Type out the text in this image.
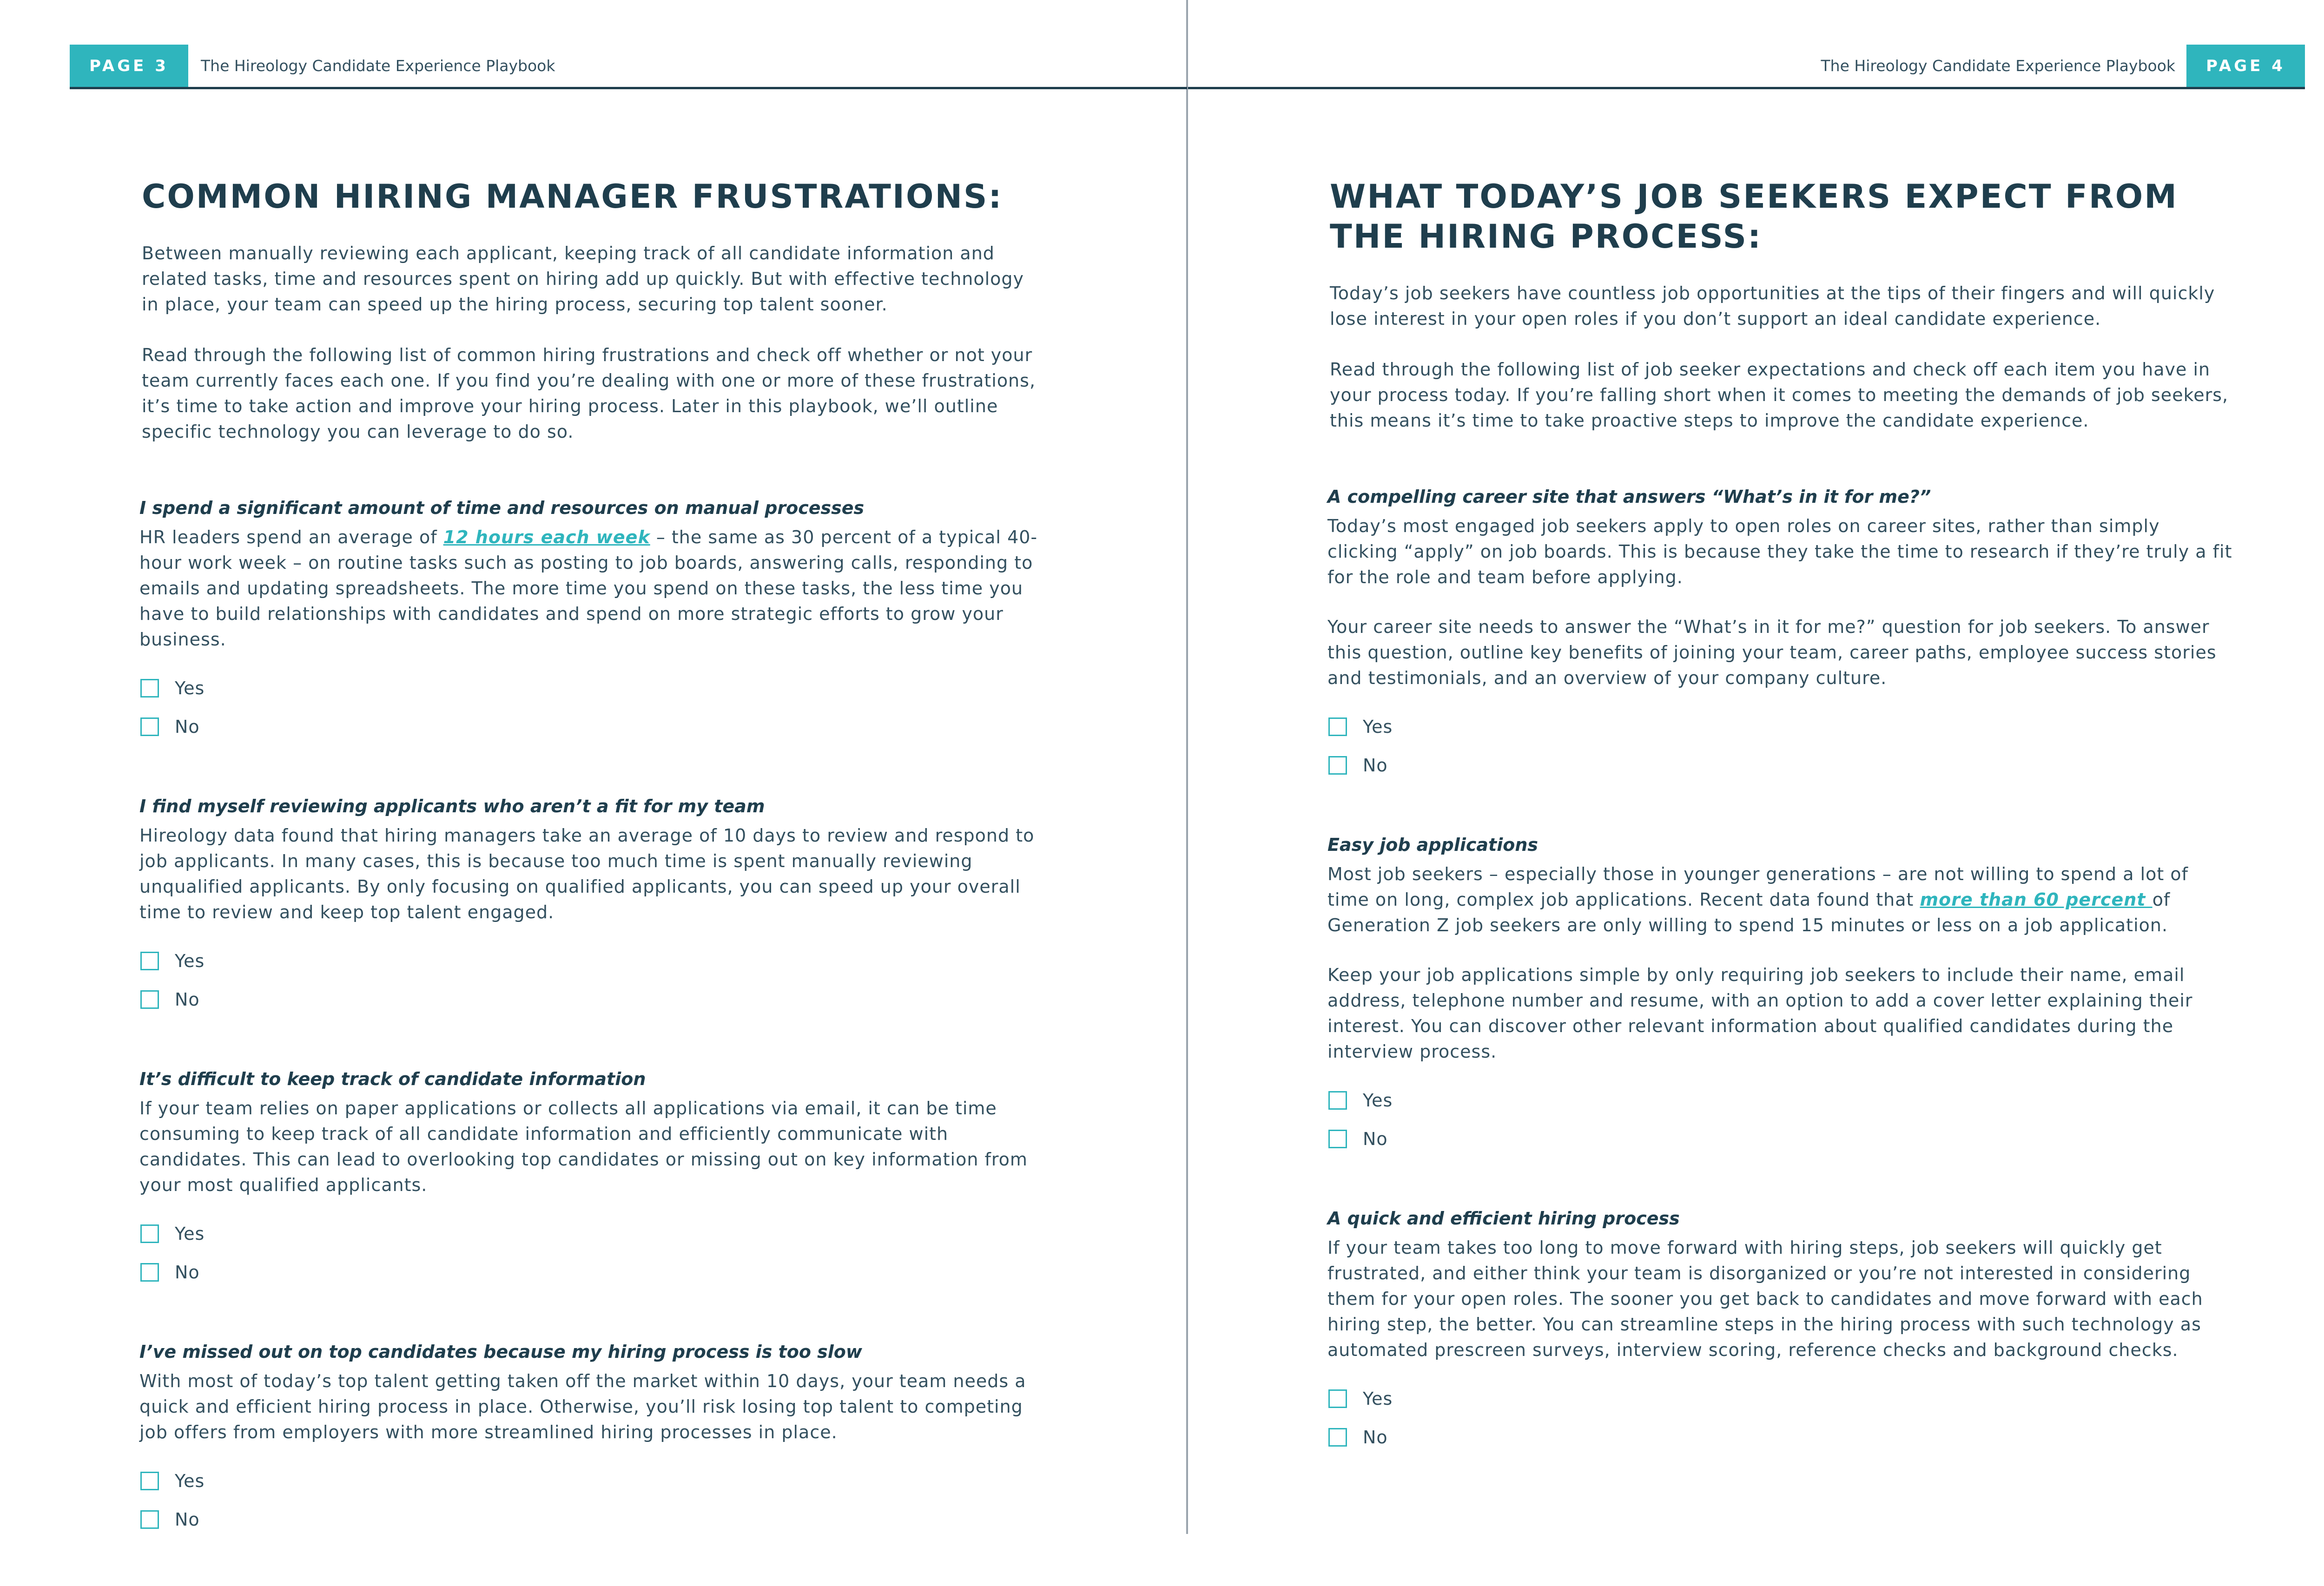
PAGE 3	The Hireology Candidate Experience Playbook
COMMON HIRING MANAGER FRUSTRATIONS:

Between manually reviewing each applicant, keeping track of all candidate information and related tasks, time and resources spent on hiring add up quickly. But with effective technology in place, your team can speed up the hiring process, securing top talent sooner.

Read through the following list of common hiring frustrations and check off whether or not your team currently faces each one. If you find you’re dealing with one or more of these frustrations, it’s time to take action and improve your hiring process. Later in this playbook, we’ll outline specific technology you can leverage to do so.

I spend a significant amount of time and resources on manual processes
HR leaders spend an average of 12 hours each week – the same as 30 percent of a typical 40-hour work week – on routine tasks such as posting to job boards, answering calls, responding to emails and updating spreadsheets. The more time you spend on these tasks, the less time you have to build relationships with candidates and spend on more strategic efforts to grow your business.
Yes
No
I find myself reviewing applicants who aren’t a fit for my team
Hireology data found that hiring managers take an average of 10 days to review and respond to job applicants. In many cases, this is because too much time is spent manually reviewing unqualified applicants. By only focusing on qualified applicants, you can speed up your overall time to review and keep top talent engaged.
Yes
No
It’s difficult to keep track of candidate information
If your team relies on paper applications or collects all applications via email, it can be time consuming to keep track of all candidate information and efficiently communicate with candidates. This can lead to overlooking top candidates or missing out on key information from your most qualified applicants.
Yes
No
I’ve missed out on top candidates because my hiring process is too slow
With most of today’s top talent getting taken off the market within 10 days, your team needs a quick and efficient hiring process in place. Otherwise, you’ll risk losing top talent to competing job offers from employers with more streamlined hiring processes in place.
Yes
No
The Hireology Candidate Experience Playbook	PAGE 4
WHAT TODAY’S JOB SEEKERS EXPECT FROM THE HIRING PROCESS:

Today’s job seekers have countless job opportunities at the tips of their fingers and will quickly lose interest in your open roles if you don’t support an ideal candidate experience.

Read through the following list of job seeker expectations and check off each item you have in your process today. If you’re falling short when it comes to meeting the demands of job seekers, this means it’s time to take proactive steps to improve the candidate experience.

A compelling career site that answers “What’s in it for me?”
Today’s most engaged job seekers apply to open roles on career sites, rather than simply clicking “apply” on job boards. This is because they take the time to research if they’re truly a fit for the role and team before applying.
Your career site needs to answer the “What’s in it for me?” question for job seekers. To answer this question, outline key benefits of joining your team, career paths, employee success stories and testimonials, and an overview of your company culture.
Yes
No
Easy job applications
Most job seekers – especially those in younger generations – are not willing to spend a lot of time on long, complex job applications. Recent data found that more than 60 percent of Generation Z job seekers are only willing to spend 15 minutes or less on a job application.
Keep your job applications simple by only requiring job seekers to include their name, email address, telephone number and resume, with an option to add a cover letter explaining their interest. You can discover other relevant information about qualified candidates during the interview process.
Yes
No
A quick and efficient hiring process
If your team takes too long to move forward with hiring steps, job seekers will quickly get frustrated, and either think your team is disorganized or you’re not interested in considering them for your open roles. The sooner you get back to candidates and move forward with each hiring step, the better. You can streamline steps in the hiring process with such technology as automated prescreen surveys, interview scoring, reference checks and background checks.
Yes
No
